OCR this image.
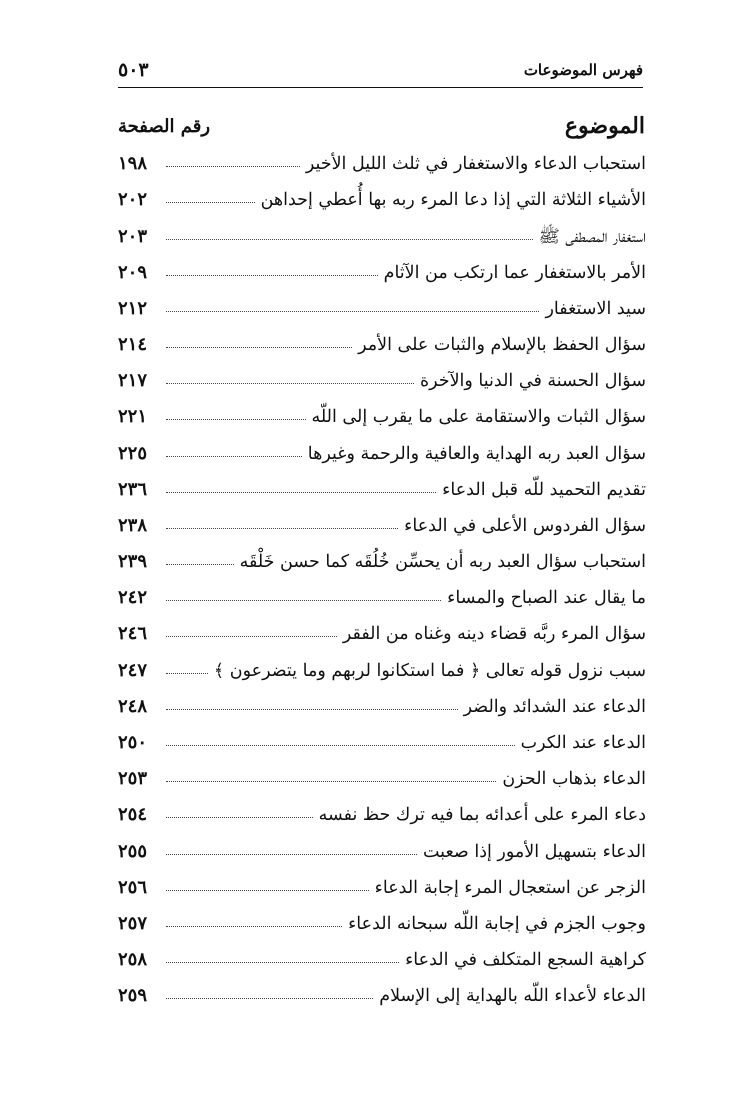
فهرس الموضوعات
٥٠٣
الموضوع
رقم الصفحة
استحباب الدعاء والاستغفار في ثلث الليل الأخير
١٩٨
الأشياء الثلاثة التي إذا دعا المرء ربه بها أُعطي إحداهن
٢٠٢
استغفار المصطفى ﷺ
٢٠٣
الأمر بالاستغفار عما ارتكب من الآثام
٢٠٩
سيد الاستغفار
٢١٢
سؤال الحفظ بالإسلام والثبات على الأمر
٢١٤
سؤال الحسنة في الدنيا والآخرة
٢١٧
سؤال الثبات والاستقامة على ما يقرب إلى اللّه
٢٢١
سؤال العبد ربه الهداية والعافية والرحمة وغيرها
٢٢٥
تقديم التحميد للّه قبل الدعاء
٢٣٦
سؤال الفردوس الأعلى في الدعاء
٢٣٨
استحباب سؤال العبد ربه أن يحسِّن خُلُقَه كما حسن خَلْقَه
٢٣٩
ما يقال عند الصباح والمساء
٢٤٢
سؤال المرء ربَّه قضاء دينه وغناه من الفقر
٢٤٦
سبب نزول قوله تعالى ﴿ فما استكانوا لربهم وما يتضرعون ﴾
٢٤٧
الدعاء عند الشدائد والضر
٢٤٨
الدعاء عند الكرب
٢٥٠
الدعاء بذهاب الحزن
٢٥٣
دعاء المرء على أعدائه بما فيه ترك حظ نفسه
٢٥٤
الدعاء بتسهيل الأمور إذا صعبت
٢٥٥
الزجر عن استعجال المرء إجابة الدعاء
٢٥٦
وجوب الجزم في إجابة اللّه سبحانه الدعاء
٢٥٧
كراهية السجع المتكلف في الدعاء
٢٥٨
الدعاء لأعداء اللّه بالهداية إلى الإسلام
٢٥٩
